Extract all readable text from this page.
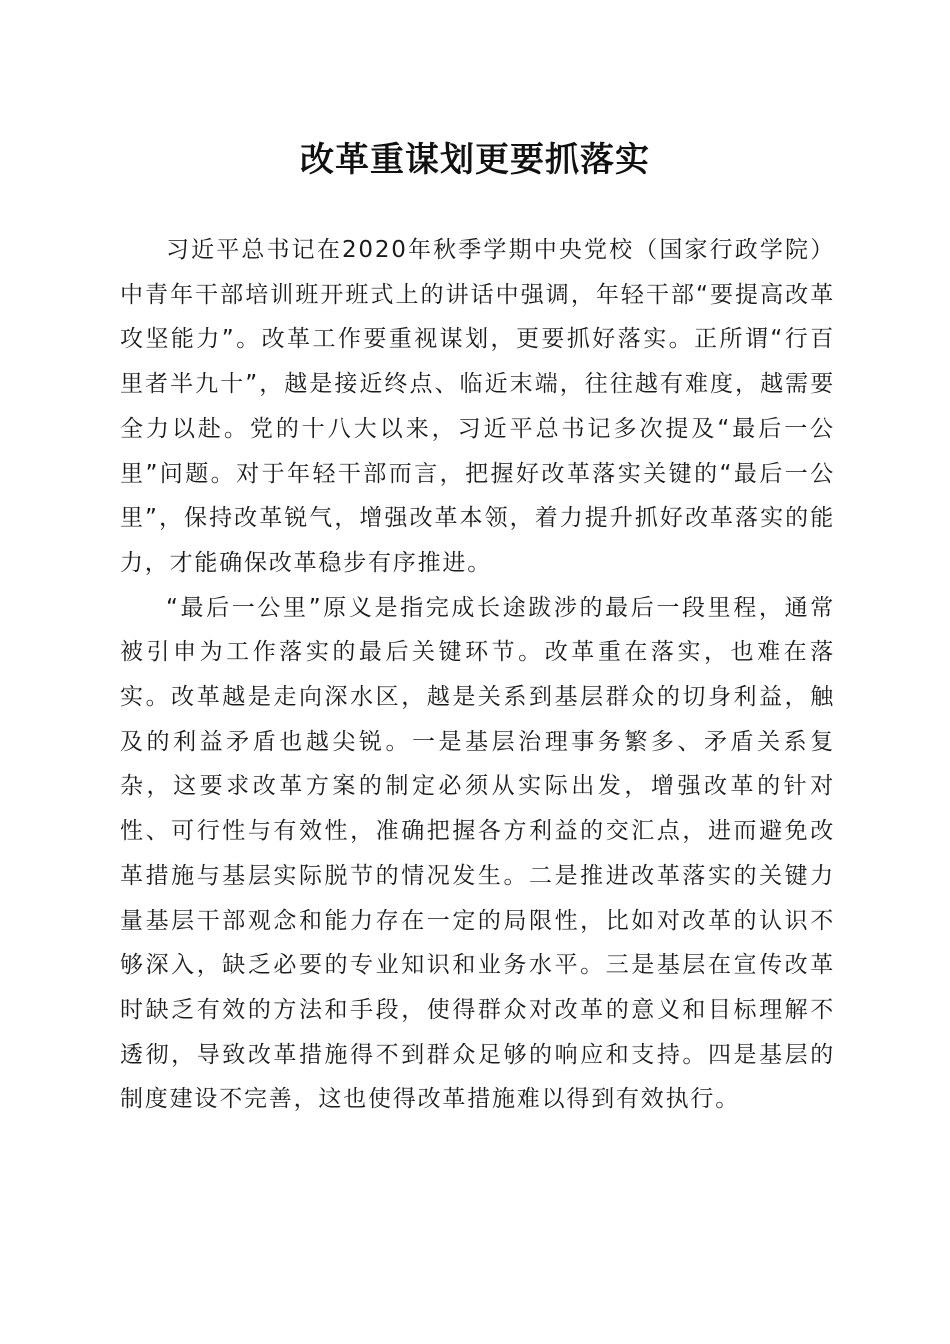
改革重谋划更要抓落实

习近平总书记在2020年秋季学期中央党校（国家行政学院）中青年干部培训班开班式上的讲话中强调，年轻干部“要提高改革攻坚能力”。改革工作要重视谋划，更要抓好落实。正所谓“行百里者半九十”，越是接近终点、临近末端，往往越有难度，越需要全力以赴。党的十八大以来，习近平总书记多次提及“最后一公里”问题。对于年轻干部而言，把握好改革落实关键的“最后一公里”，保持改革锐气，增强改革本领，着力提升抓好改革落实的能力，才能确保改革稳步有序推进。

“最后一公里”原义是指完成长途跋涉的最后一段里程，通常被引申为工作落实的最后关键环节。改革重在落实，也难在落实。改革越是走向深水区，越是关系到基层群众的切身利益，触及的利益矛盾也越尖锐。一是基层治理事务繁多、矛盾关系复杂，这要求改革方案的制定必须从实际出发，增强改革的针对性、可行性与有效性，准确把握各方利益的交汇点，进而避免改革措施与基层实际脱节的情况发生。二是推进改革落实的关键力量基层干部观念和能力存在一定的局限性，比如对改革的认识不够深入，缺乏必要的专业知识和业务水平。三是基层在宣传改革时缺乏有效的方法和手段，使得群众对改革的意义和目标理解不透彻，导致改革措施得不到群众足够的响应和支持。四是基层的制度建设不完善，这也使得改革措施难以得到有效执行。
